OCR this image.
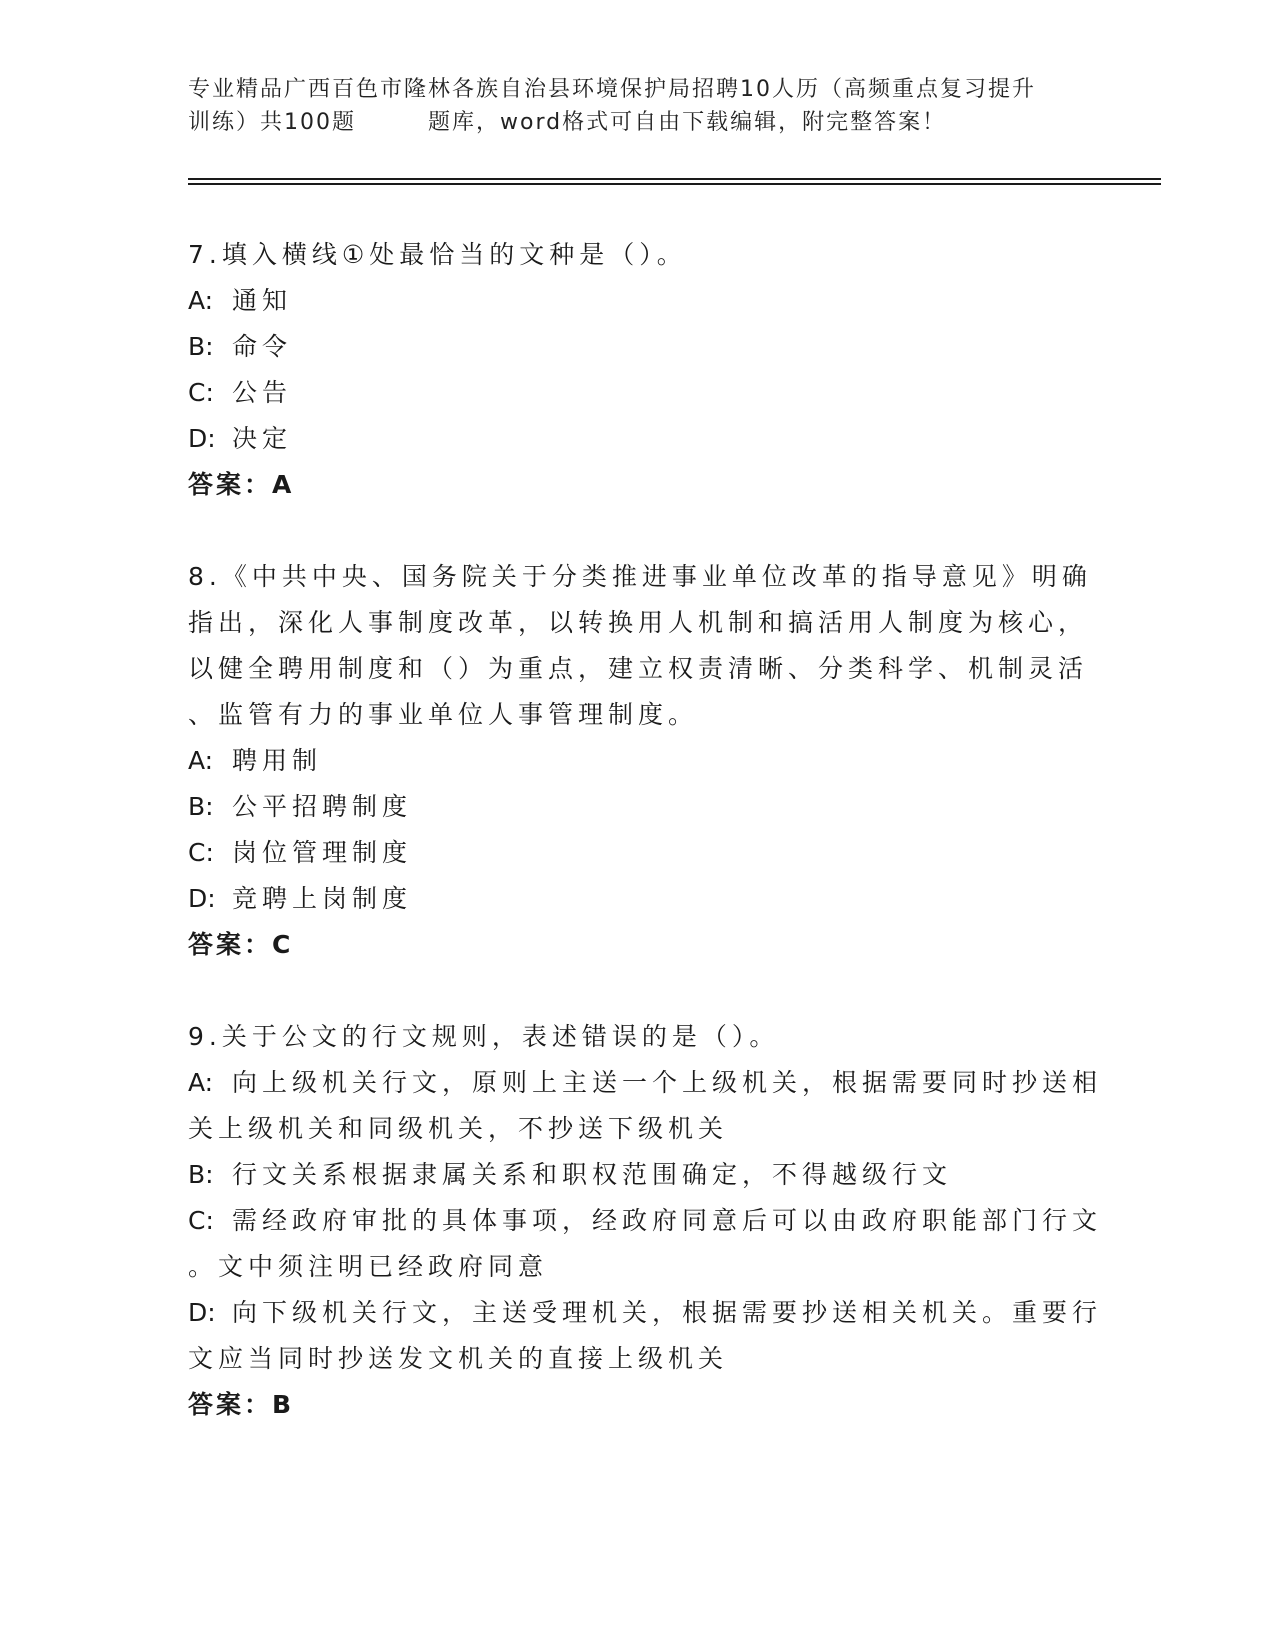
专业精品广西百色市隆林各族自治县环境保护局招聘10人历（高频重点复习提升
训练）共100题	题库，word格式可自由下载编辑，附完整答案！
7.填入横线①处最恰当的文种是（）。
A: 通知
B: 命令
C: 公告
D: 决定
答案：A
8.《中共中央、国务院关于分类推进事业单位改革的指导意见》明确
指出，深化人事制度改革，以转换用人机制和搞活用人制度为核心，
以健全聘用制度和（）为重点，建立权责清晰、分类科学、机制灵活
、监管有力的事业单位人事管理制度。
A: 聘用制
B: 公平招聘制度
C: 岗位管理制度
D: 竞聘上岗制度
答案：C
9.关于公文的行文规则，表述错误的是（）。
A: 向上级机关行文，原则上主送一个上级机关，根据需要同时抄送相
关上级机关和同级机关，不抄送下级机关
B: 行文关系根据隶属关系和职权范围确定，不得越级行文
C: 需经政府审批的具体事项，经政府同意后可以由政府职能部门行文
。文中须注明已经政府同意
D: 向下级机关行文，主送受理机关，根据需要抄送相关机关。重要行
文应当同时抄送发文机关的直接上级机关
答案：B
